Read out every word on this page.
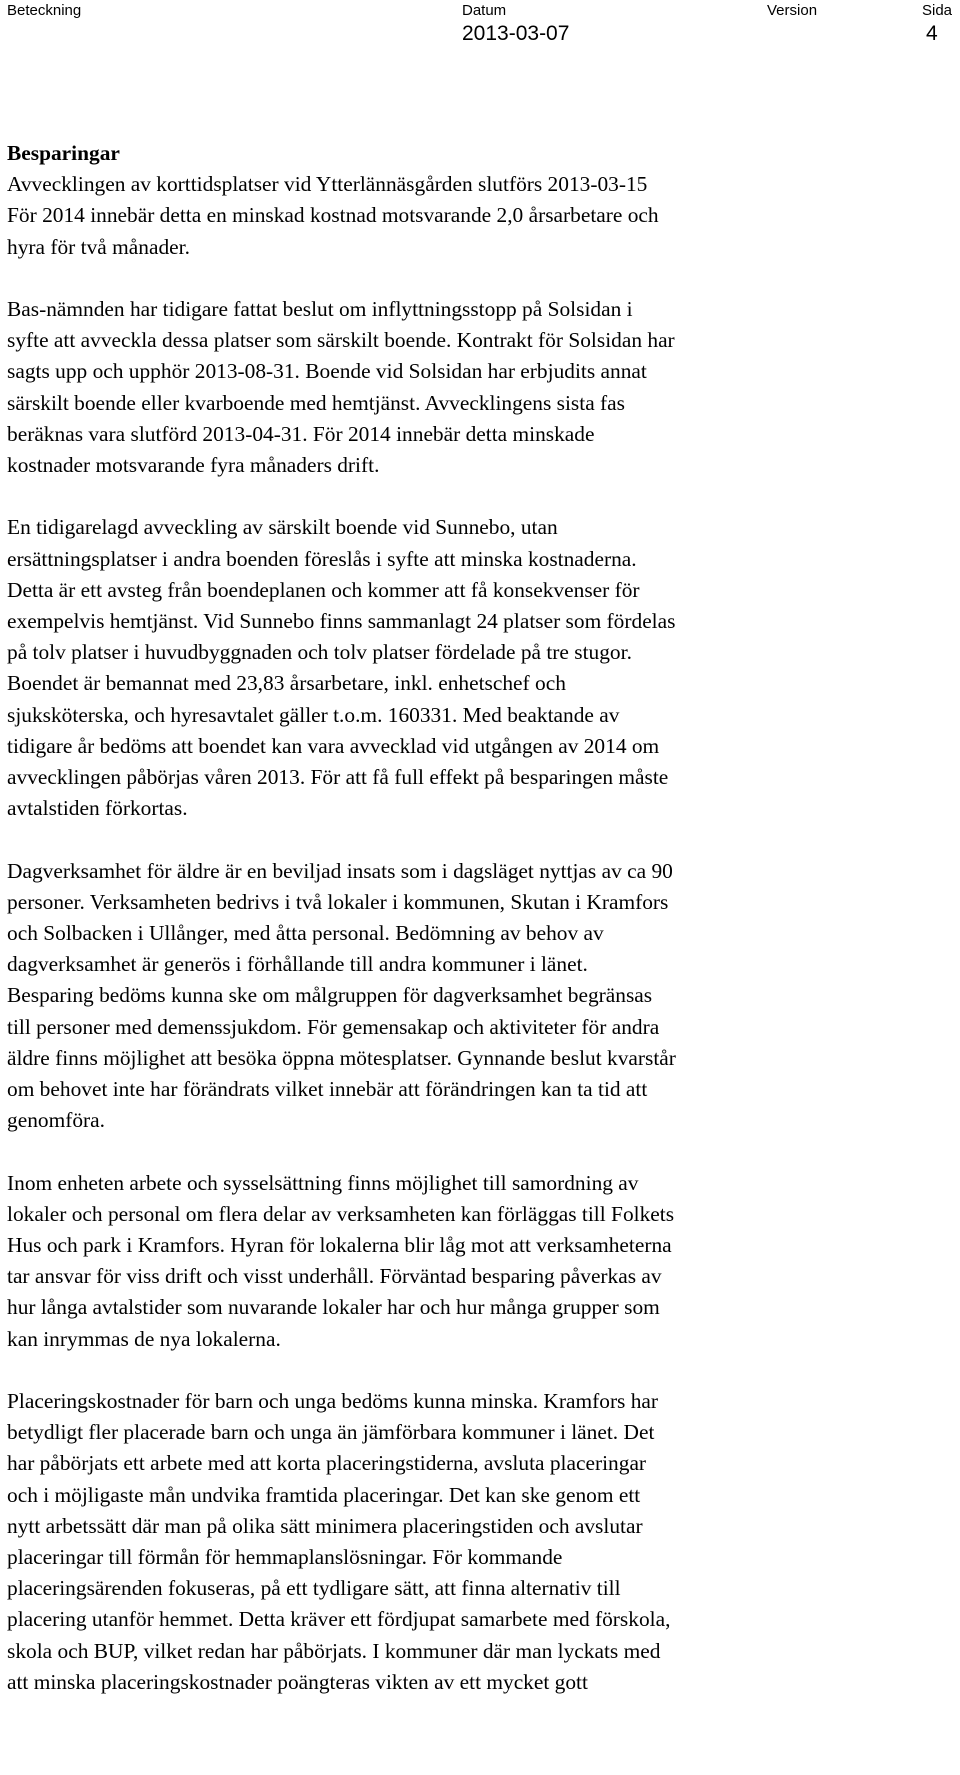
Beteckning	Datum
2013-03-07
Version	Sida
4
Besparingar
Avvecklingen av korttidsplatser vid Ytterlännäsgården slutförs 2013-03-15
För 2014 innebär detta en minskad kostnad motsvarande 2,0 årsarbetare och
hyra för två månader.
Bas-nämnden har tidigare fattat beslut om inflyttningsstopp på Solsidan i
syfte att avveckla dessa platser som särskilt boende. Kontrakt för Solsidan har
sagts upp och upphör 2013-08-31. Boende vid Solsidan har erbjudits annat
särskilt boende eller kvarboende med hemtjänst. Avvecklingens sista fas
beräknas vara slutförd 2013-04-31. För 2014 innebär detta minskade
kostnader motsvarande fyra månaders drift.
En tidigarelagd avveckling av särskilt boende vid Sunnebo, utan
ersättningsplatser i andra boenden föreslås i syfte att minska kostnaderna.
Detta är ett avsteg från boendeplanen och kommer att få konsekvenser för
exempelvis hemtjänst. Vid Sunnebo finns sammanlagt 24 platser som fördelas
på tolv platser i huvudbyggnaden och tolv platser fördelade på tre stugor.
Boendet är bemannat med 23,83 årsarbetare, inkl. enhetschef och
sjuksköterska, och hyresavtalet gäller t.o.m. 160331. Med beaktande av
tidigare år bedöms att boendet kan vara avvecklad vid utgången av 2014 om
avvecklingen påbörjas våren 2013. För att få full effekt på besparingen måste
avtalstiden förkortas.
Dagverksamhet för äldre är en beviljad insats som i dagsläget nyttjas av ca 90
personer. Verksamheten bedrivs i två lokaler i kommunen, Skutan i Kramfors
och Solbacken i Ullånger, med åtta personal. Bedömning av behov av
dagverksamhet är generös i förhållande till andra kommuner i länet.
Besparing bedöms kunna ske om målgruppen för dagverksamhet begränsas
till personer med demenssjukdom. För gemensakap och aktiviteter för andra
äldre finns möjlighet att besöka öppna mötesplatser. Gynnande beslut kvarstår
om behovet inte har förändrats vilket innebär att förändringen kan ta tid att
genomföra.
Inom enheten arbete och sysselsättning finns möjlighet till samordning av
lokaler och personal om flera delar av verksamheten kan förläggas till Folkets
Hus och park i Kramfors. Hyran för lokalerna blir låg mot att verksamheterna
tar ansvar för viss drift och visst underhåll. Förväntad besparing påverkas av
hur långa avtalstider som nuvarande lokaler har och hur många grupper som
kan inrymmas de nya lokalerna.
Placeringskostnader för barn och unga bedöms kunna minska. Kramfors har
betydligt fler placerade barn och unga än jämförbara kommuner i länet. Det
har påbörjats ett arbete med att korta placeringstiderna, avsluta placeringar
och i möjligaste mån undvika framtida placeringar. Det kan ske genom ett
nytt arbetssätt där man på olika sätt minimera placeringstiden och avslutar
placeringar till förmån för hemmaplanslösningar. För kommande
placeringsärenden fokuseras, på ett tydligare sätt, att finna alternativ till
placering utanför hemmet. Detta kräver ett fördjupat samarbete med förskola,
skola och BUP, vilket redan har påbörjats. I kommuner där man lyckats med
att minska placeringskostnader poängteras vikten av ett mycket gott
